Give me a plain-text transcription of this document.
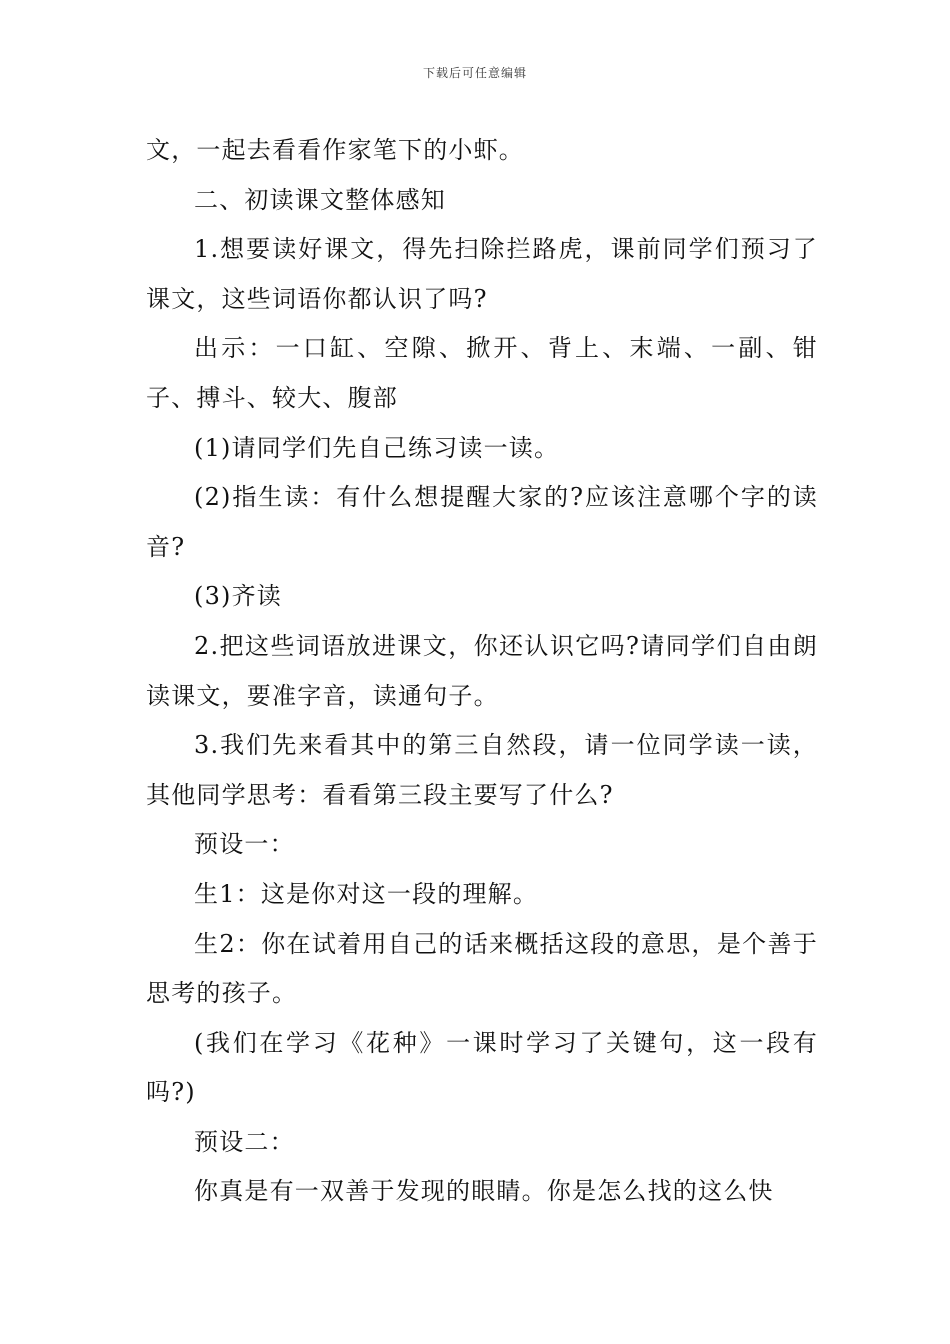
下载后可任意编辑

文，一起去看看作家笔下的小虾。

二、初读课文整体感知

1.想要读好课文，得先扫除拦路虎，课前同学们预习了课文，这些词语你都认识了吗?

出示：一口缸、空隙、掀开、背上、末端、一副、钳子、搏斗、较大、腹部

(1)请同学们先自己练习读一读。

(2)指生读：有什么想提醒大家的?应该注意哪个字的读音?

(3)齐读

2.把这些词语放进课文，你还认识它吗?请同学们自由朗读课文，要准字音，读通句子。

3.我们先来看其中的第三自然段，请一位同学读一读，其他同学思考：看看第三段主要写了什么?

预设一：

生1：这是你对这一段的理解。

生2：你在试着用自己的话来概括这段的意思，是个善于思考的孩子。

(我们在学习《花种》一课时学习了关键句，这一段有吗?)

预设二：

你真是有一双善于发现的眼睛。你是怎么找的这么快
